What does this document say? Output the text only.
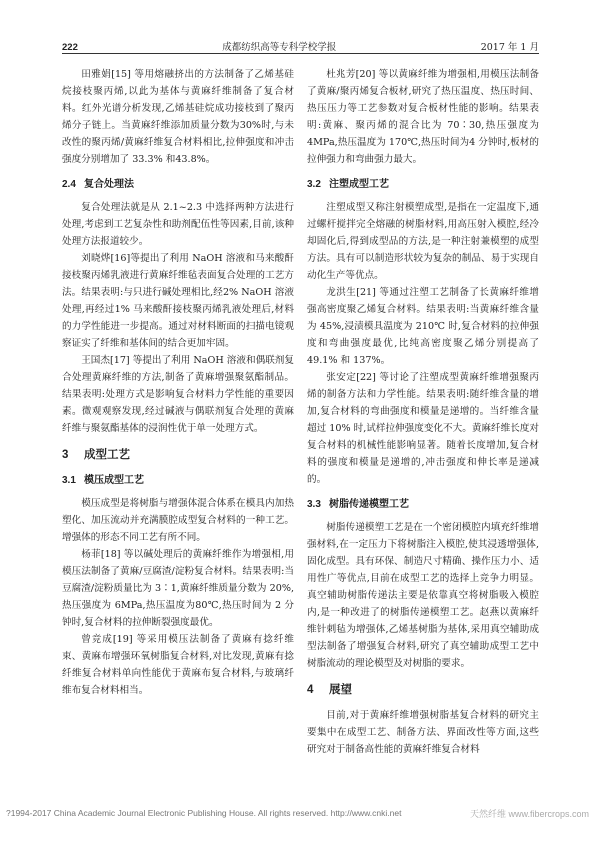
222	成都纺织高等专科学校学报	2017 年 1 月

田雅娟[15] 等用熔融挤出的方法制备了乙烯基硅烷接枝聚丙烯,以此为基体与黄麻纤维制备了复合材料。红外光谱分析发现,乙烯基硅烷成功接枝到了聚丙烯分子链上。当黄麻纤维添加质量分数为30%时,与未改性的聚丙烯/黄麻纤维复合材料相比,拉伸强度和冲击强度分别增加了 33.3% 和43.8%。

2.4 复合处理法

复合处理法就是从 2.1~2.3 中选择两种方法进行处理,考虑到工艺复杂性和助剂配伍性等因素,目前,该种处理方法报道较少。

刘晓烨[16]等提出了利用 NaOH 溶液和马来酸酐接枝聚丙烯乳液进行黄麻纤维毡表面复合处理的工艺方法。结果表明:与只进行碱处理相比,经2% NaOH 溶液处理,再经过1% 马来酸酐接枝聚丙烯乳液处理后,材料的力学性能进一步提高。通过对材料断面的扫描电镜观察证实了纤维和基体间的结合更加牢固。

王国杰[17] 等提出了利用 NaOH 溶液和偶联剂复合处理黄麻纤维的方法,制备了黄麻增强聚氨酯制品。结果表明:处理方式是影响复合材料力学性能的重要因素。微观观察发现,经过碱液与偶联剂复合处理的黄麻纤维与聚氨酯基体的浸润性优于单一处理方式。

3 成型工艺
3.1 模压成型工艺

模压成型是将树脂与增强体混合体系在模具内加热塑化、加压流动并充满膜腔成型复合材料的一种工艺。增强体的形态不同工艺有所不同。

杨菲[18] 等以碱处理后的黄麻纤维作为增强相,用模压法制备了黄麻/豆腐渣/淀粉复合材料。结果表明:当豆腐渣/淀粉质量比为 3∶1,黄麻纤维质量分数为 20%,热压强度为 6MPa,热压温度为80℃,热压时间为 2 分钟时,复合材料的拉伸断裂强度最优。

曾竞成[19] 等采用模压法制备了黄麻有捻纤维束、黄麻布增强环氧树脂复合材料,对比发现,黄麻有捻纤维复合材料单向性能优于黄麻布复合材料,与玻璃纤维布复合材料相当。

杜兆芳[20] 等以黄麻纤维为增强相,用模压法制备了黄麻/聚丙烯复合板材,研究了热压温度、热压时间、热压压力等工艺参数对复合板材性能的影响。结果表明:黄麻、聚丙烯的混合比为 70∶30,热压强度为 4MPa,热压温度为 170℃,热压时间为4 分钟时,板材的拉伸强力和弯曲强力最大。

3.2 注塑成型工艺

注塑成型又称注射模塑成型,是指在一定温度下,通过螺杆搅拌完全熔融的树脂材料,用高压射入模腔,经冷却固化后,得到成型品的方法,是一种注射兼模塑的成型方法。具有可以制造形状较为复杂的制品、易于实现自动化生产等优点。

龙洪生[21] 等通过注塑工艺制备了长黄麻纤维增强高密度聚乙烯复合材料。结果表明:当黄麻纤维含量为 45%,浸渍模具温度为 210℃ 时,复合材料的拉伸强度和弯曲强度最优,比纯高密度聚乙烯分别提高了 49.1% 和 137%。

张安定[22] 等讨论了注塑成型黄麻纤维增强聚丙烯的制备方法和力学性能。结果表明:随纤维含量的增加,复合材料的弯曲强度和模量是递增的。当纤维含量超过 10% 时,试样拉伸强度变化不大。黄麻纤维长度对复合材料的机械性能影响显著。随着长度增加,复合材料的强度和模量是递增的,冲击强度和伸长率是递减的。

3.3 树脂传递模塑工艺

树脂传递模塑工艺是在一个密闭模腔内填充纤维增强材料,在一定压力下将树脂注入模腔,使其浸透增强体,固化成型。具有环保、制造尺寸精确、操作压力小、适用性广等优点,目前在成型工艺的选择上竞争力明显。真空辅助树脂传递法主要是依靠真空将树脂吸入模腔内,是一种改进了的树脂传递模塑工艺。赵燕以黄麻纤维针刺毡为增强体,乙烯基树脂为基体,采用真空辅助成型法制备了增强复合材料,研究了真空辅助成型工艺中树脂流动的理论模型及对树脂的要求。

4 展望

目前,对于黄麻纤维增强树脂基复合材料的研究主要集中在成型工艺、制备方法、界面改性等方面,这些研究对于制备高性能的黄麻纤维复合材料

?1994-2017 China Academic Journal Electronic Publishing House. All rights reserved. http://www.cnki.net	天然纤维 www.fibercrops.com
